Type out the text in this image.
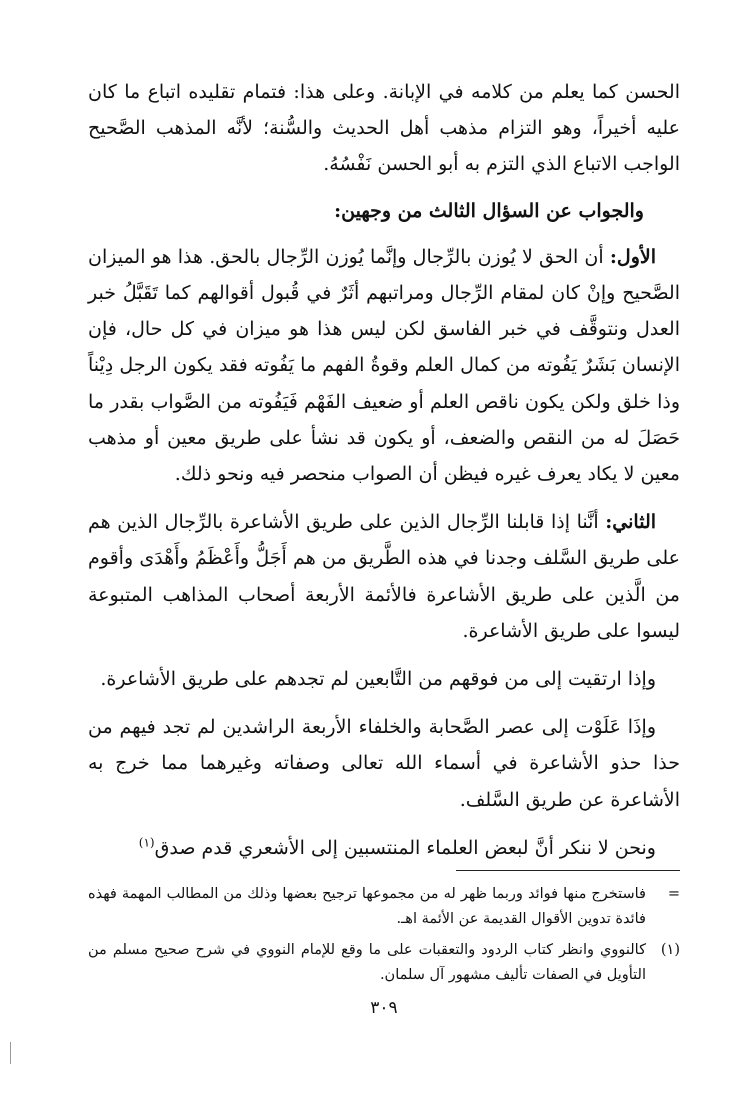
الحسن كما يعلم من كلامه في الإبانة. وعلى هذا: فتمام تقليده اتباع ما كان عليه أخيراً، وهو التزام مذهب أهل الحديث والسُّنة؛ لأنَّه المذهب الصَّحيح الواجب الاتباع الذي التزم به أبو الحسن نَفْسُهُ.

والجواب عن السؤال الثالث من وجهين:

الأول: أن الحق لا يُوزن بالرِّجال وإنَّما يُوزن الرِّجال بالحق. هذا هو الميزان الصَّحيح وإنْ كان لمقام الرِّجال ومراتبهم أثَرٌ في قُبول أقوالهم كما تَقَبَّلُ خبر العدل ونتوقَّف في خبر الفاسق لكن ليس هذا هو ميزان في كل حال، فإن الإنسان بَشَرٌ يَفُوته من كمال العلم وقوةُ الفهم ما يَفُوته فقد يكون الرجل دِيْناً وذا خلق ولكن يكون ناقص العلم أو ضعيف الفَهْم فَيَفُوته من الصَّواب بقدر ما حَصَلَ له من النقص والضعف، أو يكون قد نشأ على طريق معين أو مذهب معين لا يكاد يعرف غيره فيظن أن الصواب منحصر فيه ونحو ذلك.

الثاني: أنَّنا إذا قابلنا الرِّجال الذين على طريق الأشاعرة بالرِّجال الذين هم على طريق السَّلف وجدنا في هذه الطَّريق من هم أَجَلُّ وأَعْظَمُ وأَهْدَى وأقوم من الَّذين على طريق الأشاعرة فالأئمة الأربعة أصحاب المذاهب المتبوعة ليسوا على طريق الأشاعرة.

وإذا ارتقيت إلى من فوقهم من التَّابعين لم تجدهم على طريق الأشاعرة.

وإذَا عَلَوْت إلى عصر الصَّحابة والخلفاء الأربعة الراشدين لم تجد فيهم من حذا حذو الأشاعرة في أسماء الله تعالى وصفاته وغيرهما مما خرج به الأشاعرة عن طريق السَّلف.

ونحن لا ننكر أنَّ لبعض العلماء المنتسبين إلى الأشعري قدم صدق$^{(١)}$

=
فاستخرج منها فوائد وربما ظهر له من مجموعها ترجيح بعضها وذلك من المطالب المهمة فهذه فائدة تدوين الأقوال القديمة عن الأئمة اهـ.
(١)
كالنووي وانظر كتاب الردود والتعقبات على ما وقع للإمام النووي في شرح صحيح مسلم من التأويل في الصفات تأليف مشهور آل سلمان.
٣٠٩
